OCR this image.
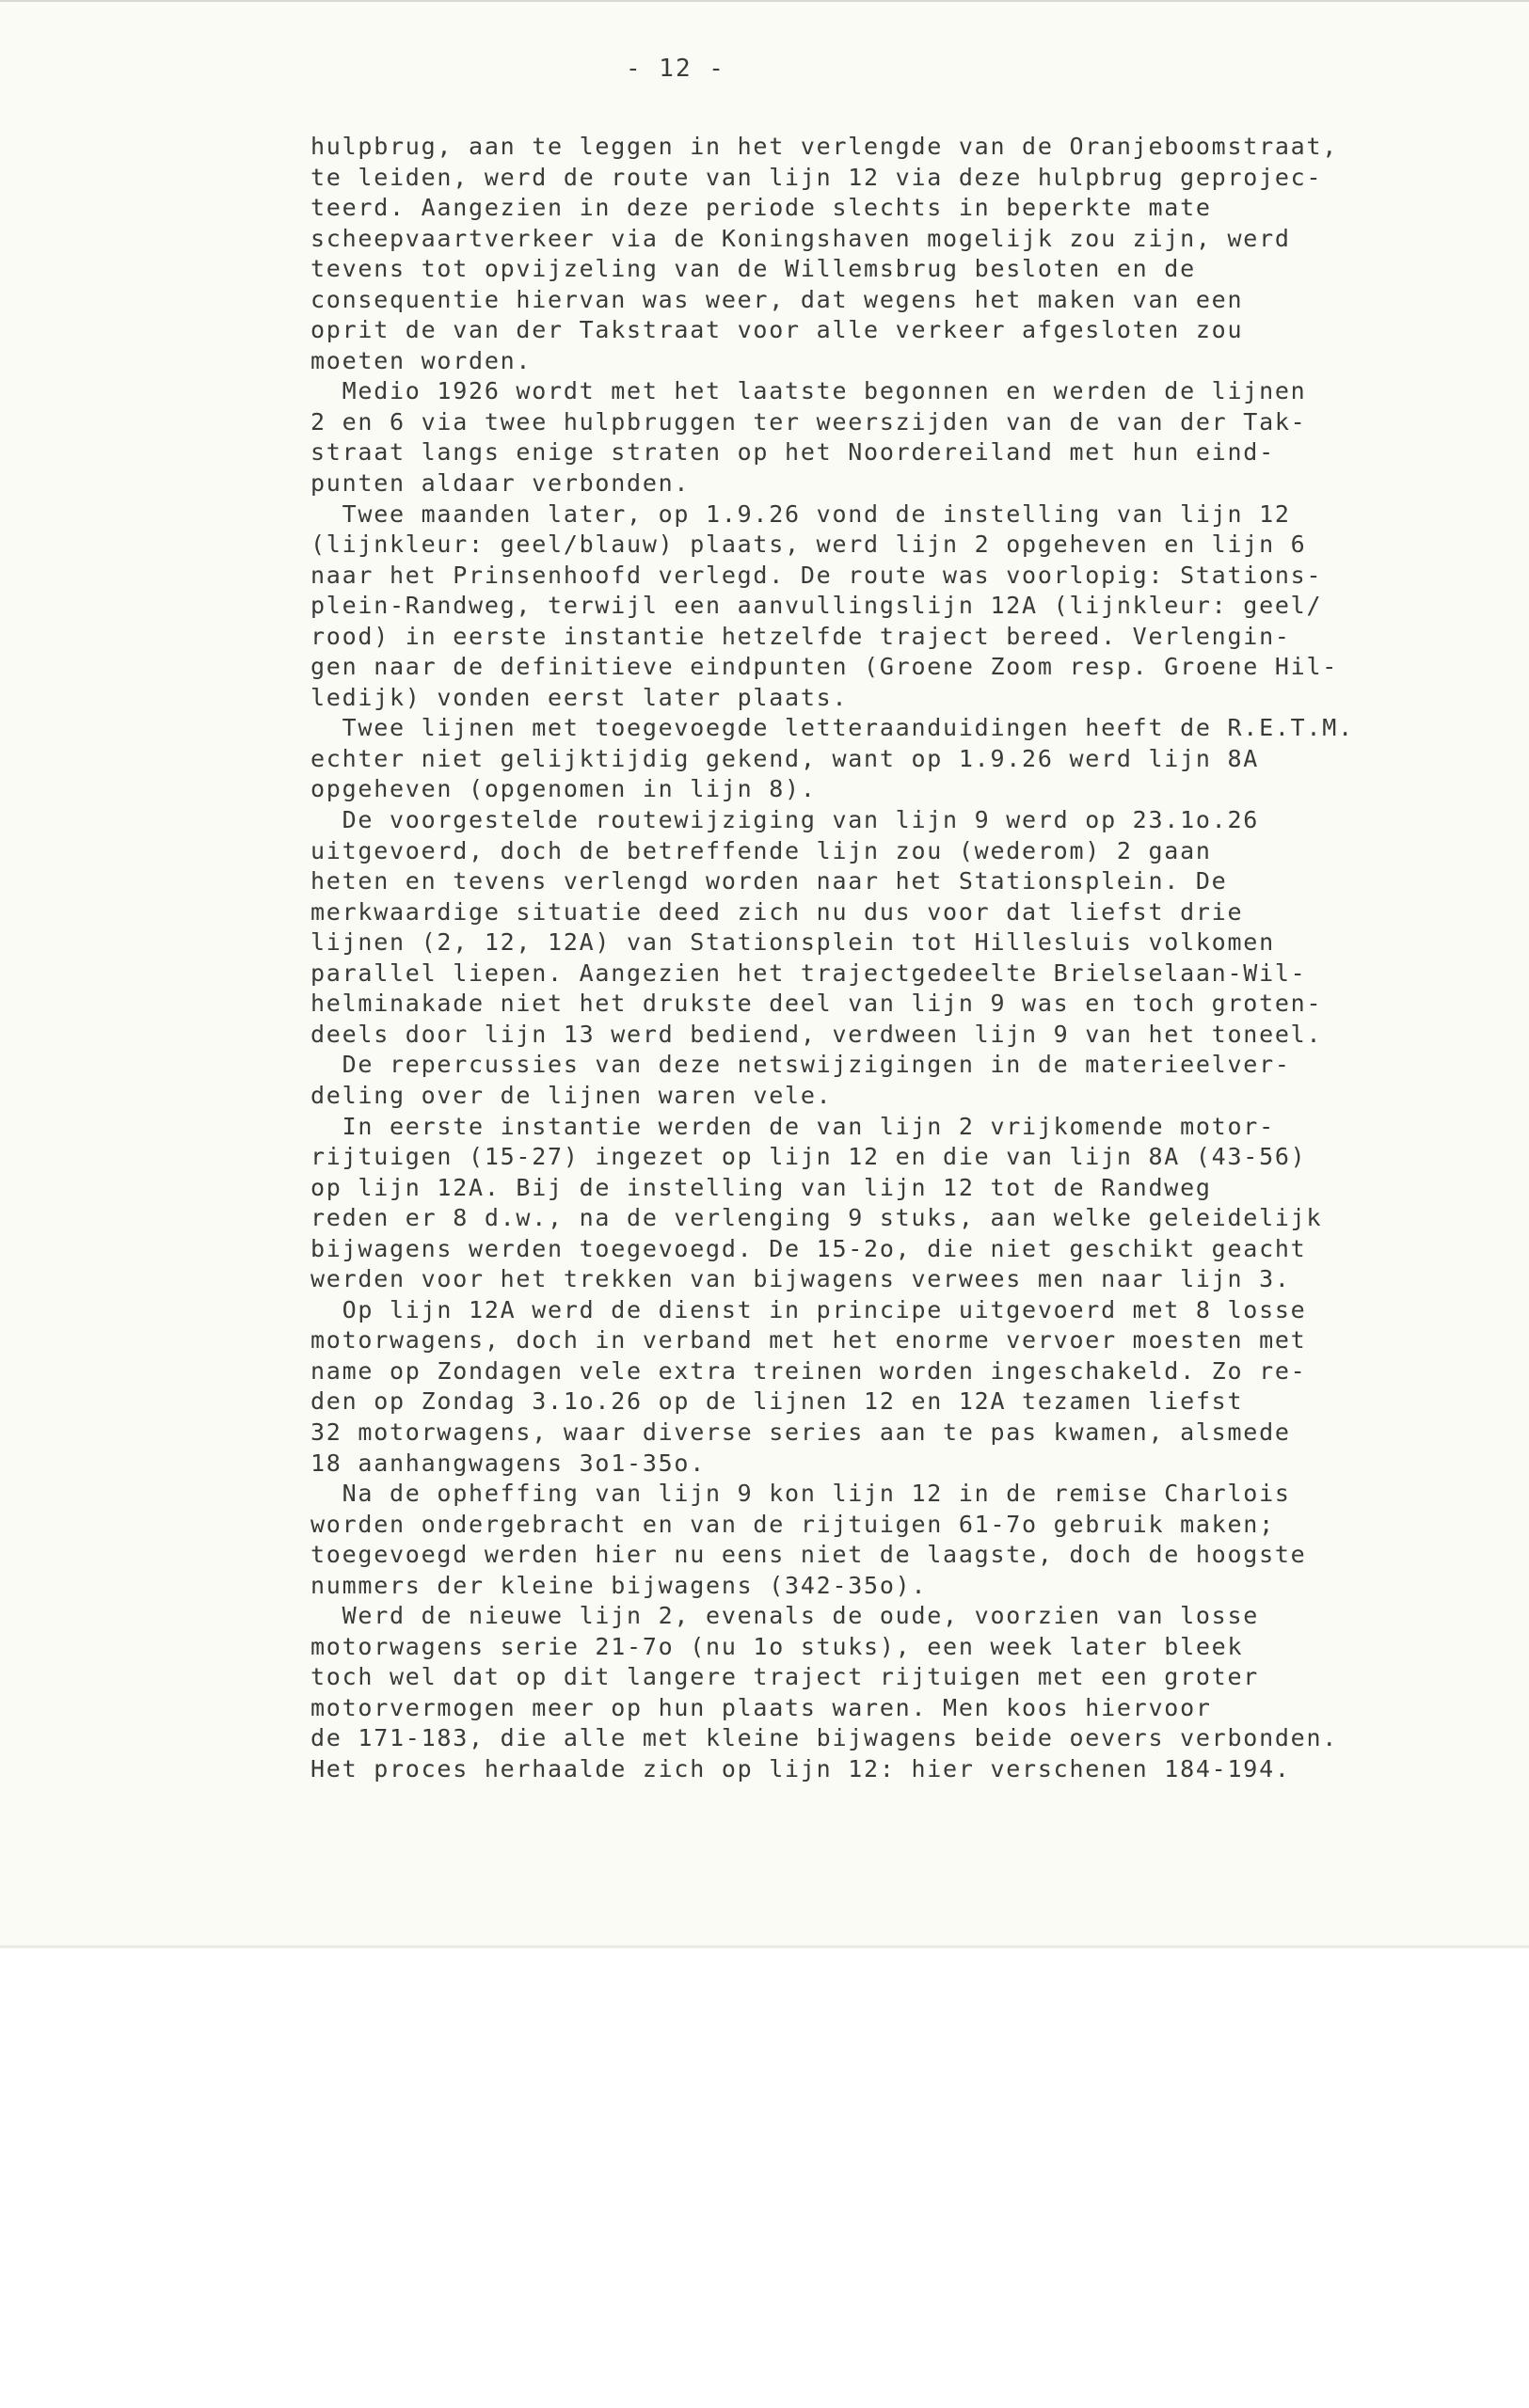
- 12 -
hulpbrug, aan te leggen in het verlengde van de Oranjeboomstraat,
te leiden, werd de route van lijn 12 via deze hulpbrug geprojec-
teerd. Aangezien in deze periode slechts in beperkte mate
scheepvaartverkeer via de Koningshaven mogelijk zou zijn, werd
tevens tot opvijzeling van de Willemsbrug besloten en de
consequentie hiervan was weer, dat wegens het maken van een
oprit de van der Takstraat voor alle verkeer afgesloten zou
moeten worden.
Medio 1926 wordt met het laatste begonnen en werden de lijnen
2 en 6 via twee hulpbruggen ter weerszijden van de van der Tak-
straat langs enige straten op het Noordereiland met hun eind-
punten aldaar verbonden.
Twee maanden later, op 1.9.26 vond de instelling van lijn 12
(lijnkleur: geel/blauw) plaats, werd lijn 2 opgeheven en lijn 6
naar het Prinsenhoofd verlegd. De route was voorlopig: Stations-
plein-Randweg, terwijl een aanvullingslijn 12A (lijnkleur: geel/
rood) in eerste instantie hetzelfde traject bereed. Verlengin-
gen naar de definitieve eindpunten (Groene Zoom resp. Groene Hil-
ledijk) vonden eerst later plaats.
Twee lijnen met toegevoegde letteraanduidingen heeft de R.E.T.M.
echter niet gelijktijdig gekend, want op 1.9.26 werd lijn 8A
opgeheven (opgenomen in lijn 8).
De voorgestelde routewijziging van lijn 9 werd op 23.1o.26
uitgevoerd, doch de betreffende lijn zou (wederom) 2 gaan
heten en tevens verlengd worden naar het Stationsplein. De
merkwaardige situatie deed zich nu dus voor dat liefst drie
lijnen (2, 12, 12A) van Stationsplein tot Hillesluis volkomen
parallel liepen. Aangezien het trajectgedeelte Brielselaan-Wil-
helminakade niet het drukste deel van lijn 9 was en toch groten-
deels door lijn 13 werd bediend, verdween lijn 9 van het toneel.
De repercussies van deze netswijzigingen in de materieelver-
deling over de lijnen waren vele.
In eerste instantie werden de van lijn 2 vrijkomende motor-
rijtuigen (15-27) ingezet op lijn 12 en die van lijn 8A (43-56)
op lijn 12A. Bij de instelling van lijn 12 tot de Randweg
reden er 8 d.w., na de verlenging 9 stuks, aan welke geleidelijk
bijwagens werden toegevoegd. De 15-2o, die niet geschikt geacht
werden voor het trekken van bijwagens verwees men naar lijn 3.
Op lijn 12A werd de dienst in principe uitgevoerd met 8 losse
motorwagens, doch in verband met het enorme vervoer moesten met
name op Zondagen vele extra treinen worden ingeschakeld. Zo re-
den op Zondag 3.1o.26 op de lijnen 12 en 12A tezamen liefst
32 motorwagens, waar diverse series aan te pas kwamen, alsmede
18 aanhangwagens 3o1-35o.
Na de opheffing van lijn 9 kon lijn 12 in de remise Charlois
worden ondergebracht en van de rijtuigen 61-7o gebruik maken;
toegevoegd werden hier nu eens niet de laagste, doch de hoogste
nummers der kleine bijwagens (342-35o).
Werd de nieuwe lijn 2, evenals de oude, voorzien van losse
motorwagens serie 21-7o (nu 1o stuks), een week later bleek
toch wel dat op dit langere traject rijtuigen met een groter
motorvermogen meer op hun plaats waren. Men koos hiervoor
de 171-183, die alle met kleine bijwagens beide oevers verbonden.
Het proces herhaalde zich op lijn 12: hier verschenen 184-194.
